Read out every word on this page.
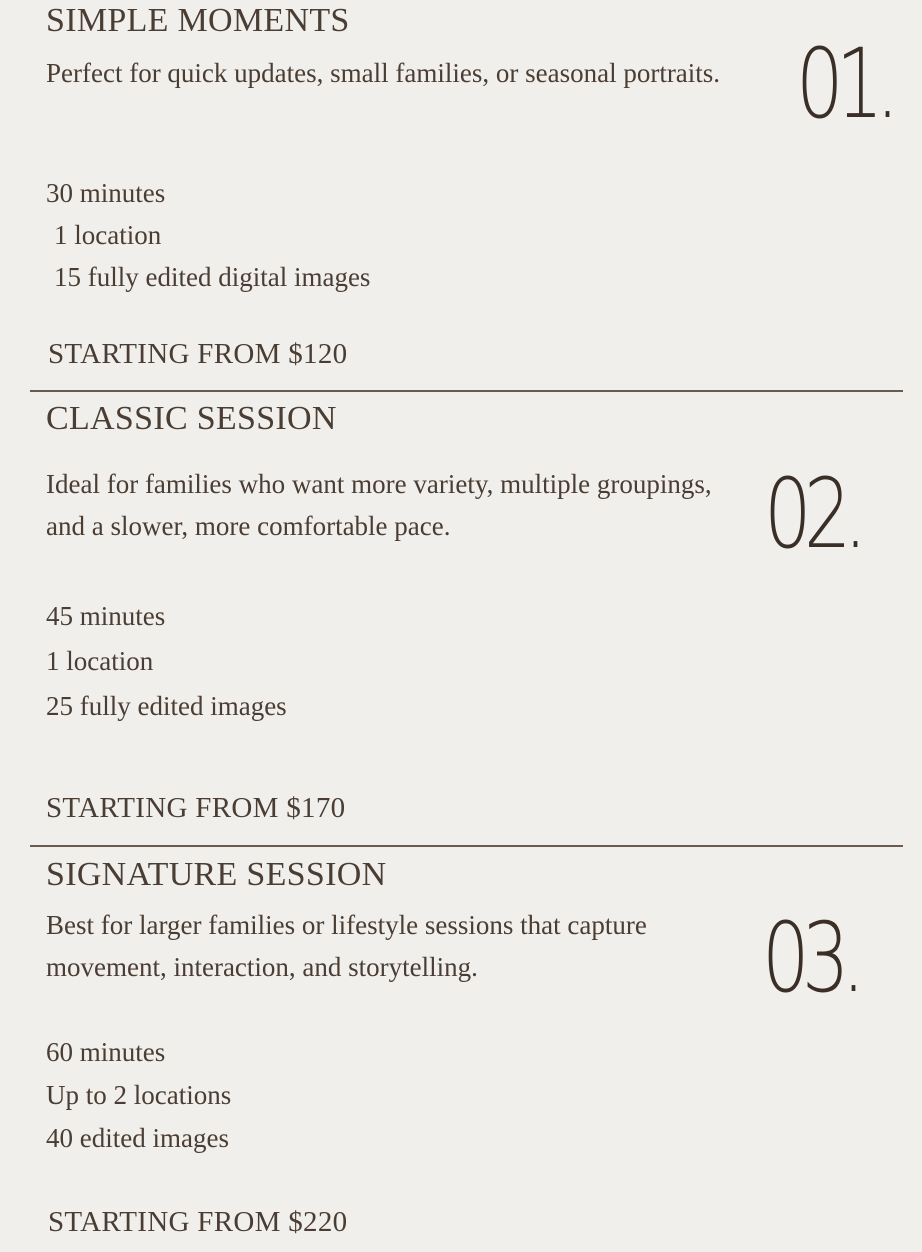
SIMPLE MOMENTS
Perfect for quick updates, small families, or seasonal portraits.
30 minutes
1 location
15 fully edited digital images
STARTING FROM $120
01.
CLASSIC SESSION
Ideal for families who want more variety, multiple groupings, and a slower, more comfortable pace.
45 minutes
1 location
25 fully edited images
STARTING FROM $170
02.
SIGNATURE SESSION
Best for larger families or lifestyle sessions that capture movement, interaction, and storytelling.
60 minutes
Up to 2 locations
40 edited images
STARTING FROM $220
03.
